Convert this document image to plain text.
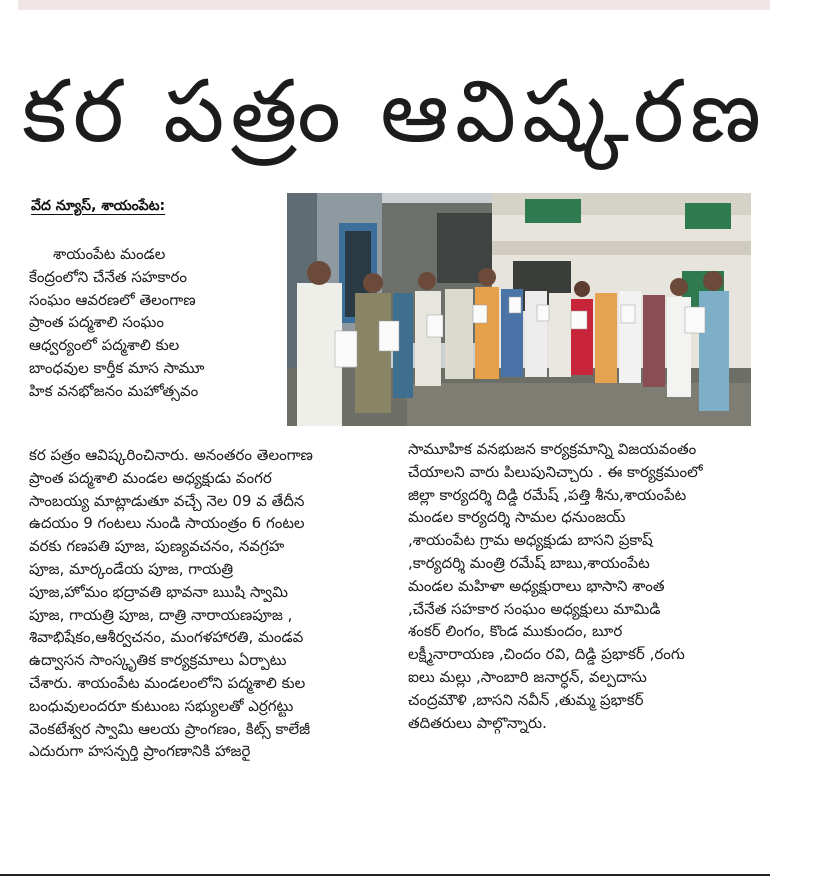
కర పత్రం ఆవిష్కరణ
వేద న్యూస్, శాయంపేట:

శాయంపేట మండల

కేంద్రంలోని చేనేత సహకారం

సంఘం ఆవరణలో తెలంగాణ

ప్రాంత పద్మశాలి సంఘం

ఆధ్వర్యంలో పద్మశాలి కుల

బాంధవుల కార్తీక మాస సామూ

హిక వనభోజనం మహోత్సవం

కర పత్రం ఆవిష్కరించినారు. అనంతరం తెలంగాణ

ప్రాంత పద్మశాలి మండల అధ్యక్షుడు వంగర

సాంబయ్య మాట్లాడుతూ వచ్చే నెల 09 వ తేదీన

ఉదయం 9 గంటలు నుండి సాయంత్రం 6 గంటల

వరకు గణపతి పూజ, పుణ్యవచనం, నవగ్రహ

పూజ, మార్కండేయ పూజ, గాయత్రి

పూజ,హోమం భద్రావతి భావనా ఋషి స్వామి

పూజ, గాయత్రి పూజ, దాత్రి నారాయణపూజ ,

శివాభిషేకం,ఆశీర్వచనం, మంగళహారతి, మండవ

ఉద్వాసన సాంస్కృతిక కార్యక్రమాలు ఏర్పాటు

చేశారు. శాయంపేట మండలంలోని పద్మశాలి కుల

బంధువులందరూ కుటుంబ సభ్యులతో ఎర్రగట్టు

వెంకటేశ్వర స్వామి ఆలయ ప్రాంగణం, కిట్స్ కాలేజీ

ఎదురుగా హసన్పర్తి ప్రాంగణానికి హాజరై

సామూహిక వనభుజన కార్యక్రమాన్ని విజయవంతం

చేయాలని వారు పిలుపునిచ్చారు . ఈ కార్యక్రమంలో

జిల్లా కార్యదర్శి దిడ్డి రమేష్ ,పత్తి శీను,శాయంపేట

మండల కార్యదర్శి సామల ధనుంజయ్

,శాయంపేట గ్రామ అధ్యక్షుడు బాసని ప్రకాష్

,కార్యదర్శి మంత్రి రమేష్ బాబు,శాయంపేట

మండల మహిళా అధ్యక్షురాలు భాసాని శాంత

,చేనేత సహకార సంఘం అధ్యక్షులు మామిడి

శంకర్ లింగం, కొండ ముకుందం, బూర

లక్ష్మీనారాయణ ,చిందం రవి, దిడ్డి ప్రభాకర్ ,రంగు

ఐలు మల్లు ,సాంబారి జనార్ధన్, వల్పదాసు

చంద్రమౌళి ,బాసని నవీన్ ,తుమ్మ ప్రభాకర్

తదితరులు పాల్గొన్నారు.
